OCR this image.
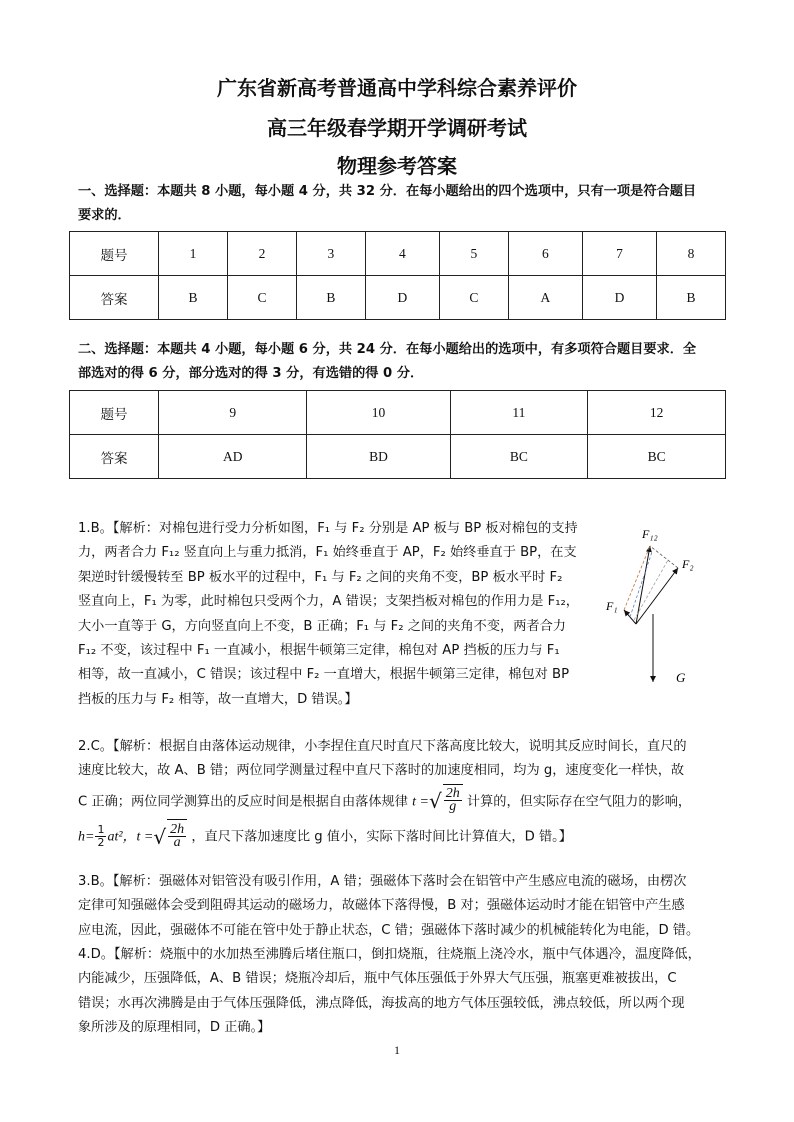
广东省新高考普通高中学科综合素养评价
高三年级春学期开学调研考试
物理参考答案
一、选择题：本题共 8 小题，每小题 4 分，共 32 分．在每小题给出的四个选项中，只有一项是符合题目
要求的．
题号	1	2	3	4	5	6	7	8
答案	B	C	B	D	C	A	D	B
二、选择题：本题共 4 小题，每小题 6 分，共 24 分．在每小题给出的选项中，有多项符合题目要求．全
部选对的得 6 分，部分选对的得 3 分，有选错的得 0 分．
题号	9	10	11	12
答案	AD	BD	BC	BC
1.B。【解析：对棉包进行受力分析如图，F₁ 与 F₂ 分别是 AP 板与 BP 板对棉包的支持
力，两者合力 F₁₂ 竖直向上与重力抵消，F₁ 始终垂直于 AP，F₂ 始终垂直于 BP，在支
架逆时针缓慢转至 BP 板水平的过程中，F₁ 与 F₂ 之间的夹角不变，BP 板水平时 F₂
竖直向上，F₁ 为零，此时棉包只受两个力，A 错误；支架挡板对棉包的作用力是 F₁₂，
大小一直等于 G，方向竖直向上不变，B 正确；F₁ 与 F₂ 之间的夹角不变，两者合力
F₁₂ 不变，该过程中 F₁ 一直减小，根据牛顿第三定律，棉包对 AP 挡板的压力与 F₁
相等，故一直减小，C 错误；该过程中 F₂ 一直增大，根据牛顿第三定律，棉包对 BP
挡板的压力与 F₂ 相等，故一直增大，D 错误。】
F₁₂
F₂
F₁
G
2.C。【解析：根据自由落体运动规律，小李捏住直尺时直尺下落高度比较大，说明其反应时间长，直尺的
速度比较大，故 A、B 错；两位同学测量过程中直尺下落时的加速度相同，均为 g，速度变化一样快，故
C 正确；两位同学测算出的反应时间是根据自由落体规律 t =√ $\frac{2h}{g}$ 计算的，但实际存在空气阻力的影响，
$h= \frac{1}{2} at^2$，t =√ $\frac{2h}{a}$ ，直尺下落加速度比 g 值小，实际下落时间比计算值大，D 错。】
3.B。【解析：强磁体对铝管没有吸引作用，A 错；强磁体下落时会在铝管中产生感应电流的磁场，由楞次
定律可知强磁体会受到阻碍其运动的磁场力，故磁体下落得慢，B 对；强磁体运动时才能在铝管中产生感
应电流，因此，强磁体不可能在管中处于静止状态，C 错；强磁体下落时减少的机械能转化为电能，D 错。
4.D。【解析：烧瓶中的水加热至沸腾后堵住瓶口，倒扣烧瓶，往烧瓶上浇冷水，瓶中气体遇冷，温度降低，
内能减少，压强降低，A、B 错误；烧瓶冷却后，瓶中气体压强低于外界大气压强，瓶塞更难被拔出，C
错误；水再次沸腾是由于气体压强降低，沸点降低，海拔高的地方气体压强较低，沸点较低，所以两个现
象所涉及的原理相同，D 正确。】
1
